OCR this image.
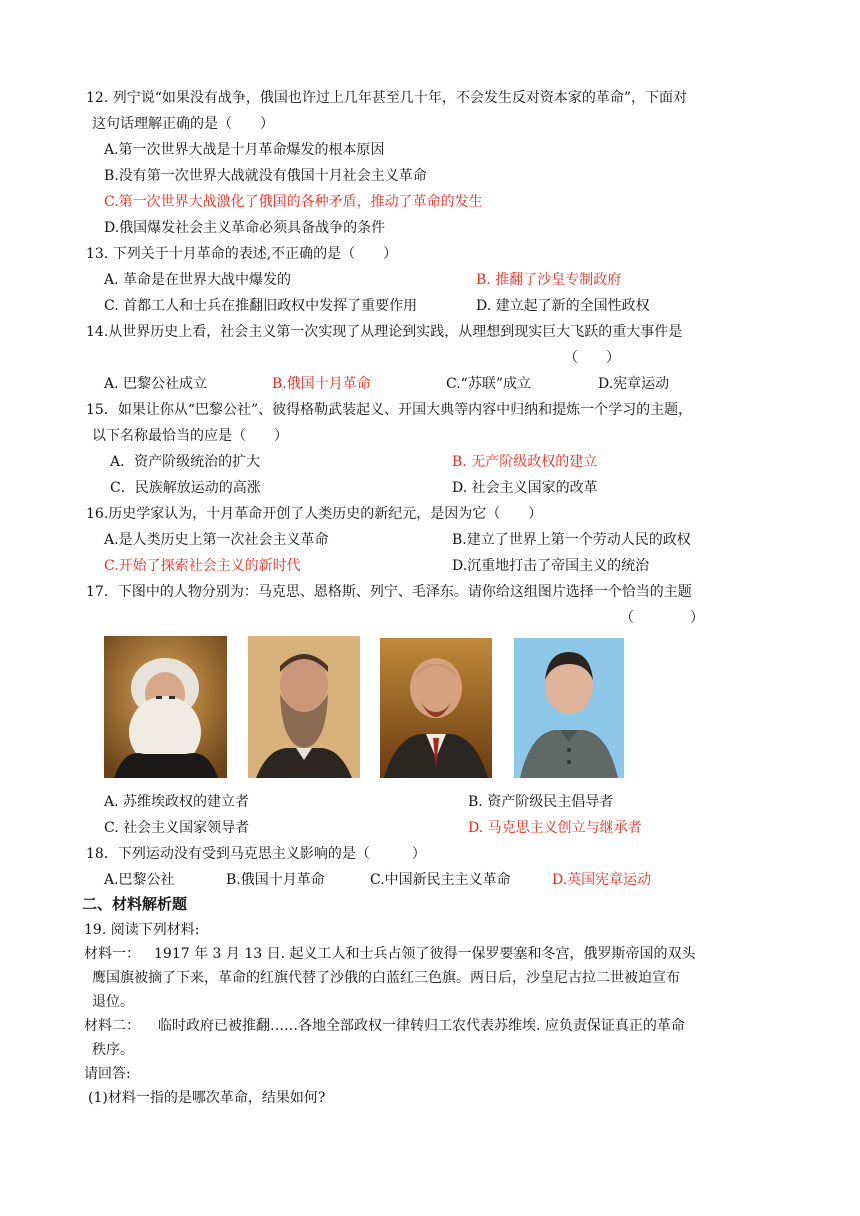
12. 列宁说“如果没有战争，俄国也许过上几年甚至几十年，不会发生反对资本家的革命”，下面对
这句话理解正确的是（　　）
A.第一次世界大战是十月革命爆发的根本原因
B.没有第一次世界大战就没有俄国十月社会主义革命
C.第一次世界大战激化了俄国的各种矛盾，推动了革命的发生
D.俄国爆发社会主义革命必须具备战争的条件
13. 下列关于十月革命的表述,不正确的是（　　）
A. 革命是在世界大战中爆发的	B. 推翻了沙皇专制政府
C. 首都工人和士兵在推翻旧政权中发挥了重要作用	D. 建立起了新的全国性政权
14.从世界历史上看，社会主义第一次实现了从理论到实践，从理想到现实巨大飞跃的重大事件是
（　　）
A. 巴黎公社成立	B.俄国十月革命	C.“苏联”成立	D.宪章运动
15．如果让你从“巴黎公社”、彼得格勒武装起义、开国大典等内容中归纳和提炼一个学习的主题，
以下名称最恰当的应是（　　）
A．资产阶级统治的扩大	B. 无产阶级政权的建立
C．民族解放运动的高涨	D. 社会主义国家的改革
16.历史学家认为，十月革命开创了人类历史的新纪元，是因为它（　　）
A.是人类历史上第一次社会主义革命	B.建立了世界上第一个劳动人民的政权
C.开始了探索社会主义的新时代	D.沉重地打击了帝国主义的统治
17．下图中的人物分别为：马克思、恩格斯、列宁、毛泽东。请你给这组图片选择一个恰当的主题
（　　　　）
A. 苏维埃政权的建立者	B. 资产阶级民主倡导者
C. 社会主义国家领导者	D. 马克思主义创立与继承者
18．下列运动没有受到马克思主义影响的是（　　　）
A.巴黎公社	B.俄国十月革命	C.中国新民主主义革命	D.英国宪章运动
二、材料解析题
19. 阅读下列材料:
材料一： 1917 年 3 月 13 日. 起义工人和士兵占领了彼得一保罗要塞和冬宫，俄罗斯帝国的双头
鹰国旗被摘了下来，革命的红旗代替了沙俄的白蓝红三色旗。两日后，沙皇尼古拉二世被迫宣布
退位。
材料二： 临时政府已被推翻……各地全部政权一律转归工农代表苏维埃. 应负责保证真正的革命
秩序。
请回答:
(1)材料一指的是哪次革命，结果如何?
